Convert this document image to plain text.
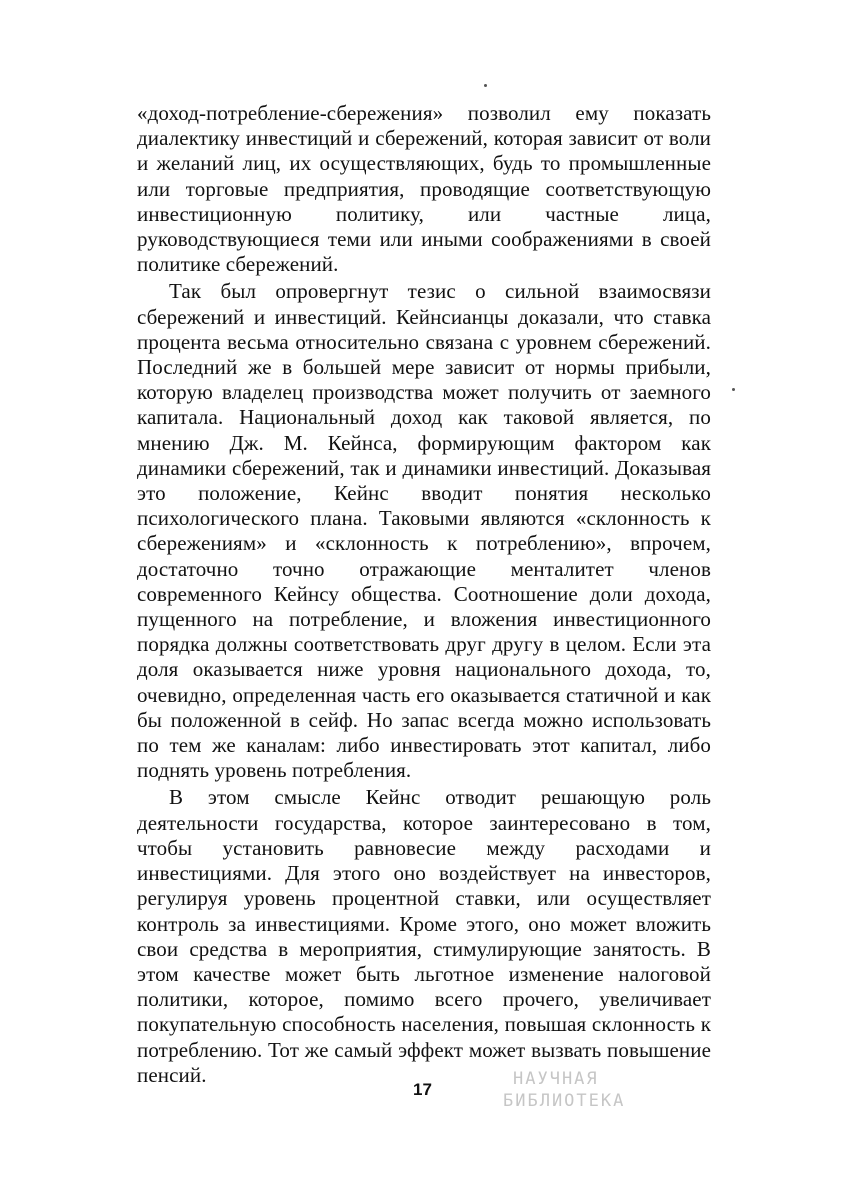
«доход-потребление-сбережения» позволил ему показать диалектику инвестиций и сбережений, которая зависит от воли и желаний лиц, их осуществляющих, будь то промышленные или торговые предприятия, проводящие соответствующую инвестиционную политику, или частные лица, руководствующиеся теми или иными соображениями в своей политике сбережений.

Так был опровергнут тезис о сильной взаимосвязи сбережений и инвестиций. Кейнсианцы доказали, что ставка процента весьма относительно связана с уровнем сбережений. Последний же в большей мере зависит от нормы прибыли, которую владелец производства может получить от заемного капитала. Национальный доход как таковой является, по мнению Дж. М. Кейнса, формирующим фактором как динамики сбережений, так и динамики инвестиций. Доказывая это положение, Кейнс вводит понятия несколько психологического плана. Таковыми являются «склонность к сбережениям» и «склонность к потреблению», впрочем, достаточно точно отражающие менталитет членов современного Кейнсу общества. Соотношение доли дохода, пущенного на потребление, и вложения инвестиционного порядка должны соответствовать друг другу в целом. Если эта доля оказывается ниже уровня национального дохода, то, очевидно, определенная часть его оказывается статичной и как бы положенной в сейф. Но запас всегда можно использовать по тем же каналам: либо инвестировать этот капитал, либо поднять уровень потребления.

В этом смысле Кейнс отводит решающую роль деятельности государства, которое заинтересовано в том, чтобы установить равновесие между расходами и инвестициями. Для этого оно воздействует на инвесторов, регулируя уровень процентной ставки, или осуществляет контроль за инвестициями. Кроме этого, оно может вложить свои средства в мероприятия, стимулирующие занятость. В этом качестве может быть льготное изменение налоговой политики, которое, помимо всего прочего, увеличивает покупательную способность населения, повышая склонность к потреблению. Тот же самый эффект может вызвать повышение пенсий.

17
НАУЧНАЯ
БИБЛИОТЕКА
